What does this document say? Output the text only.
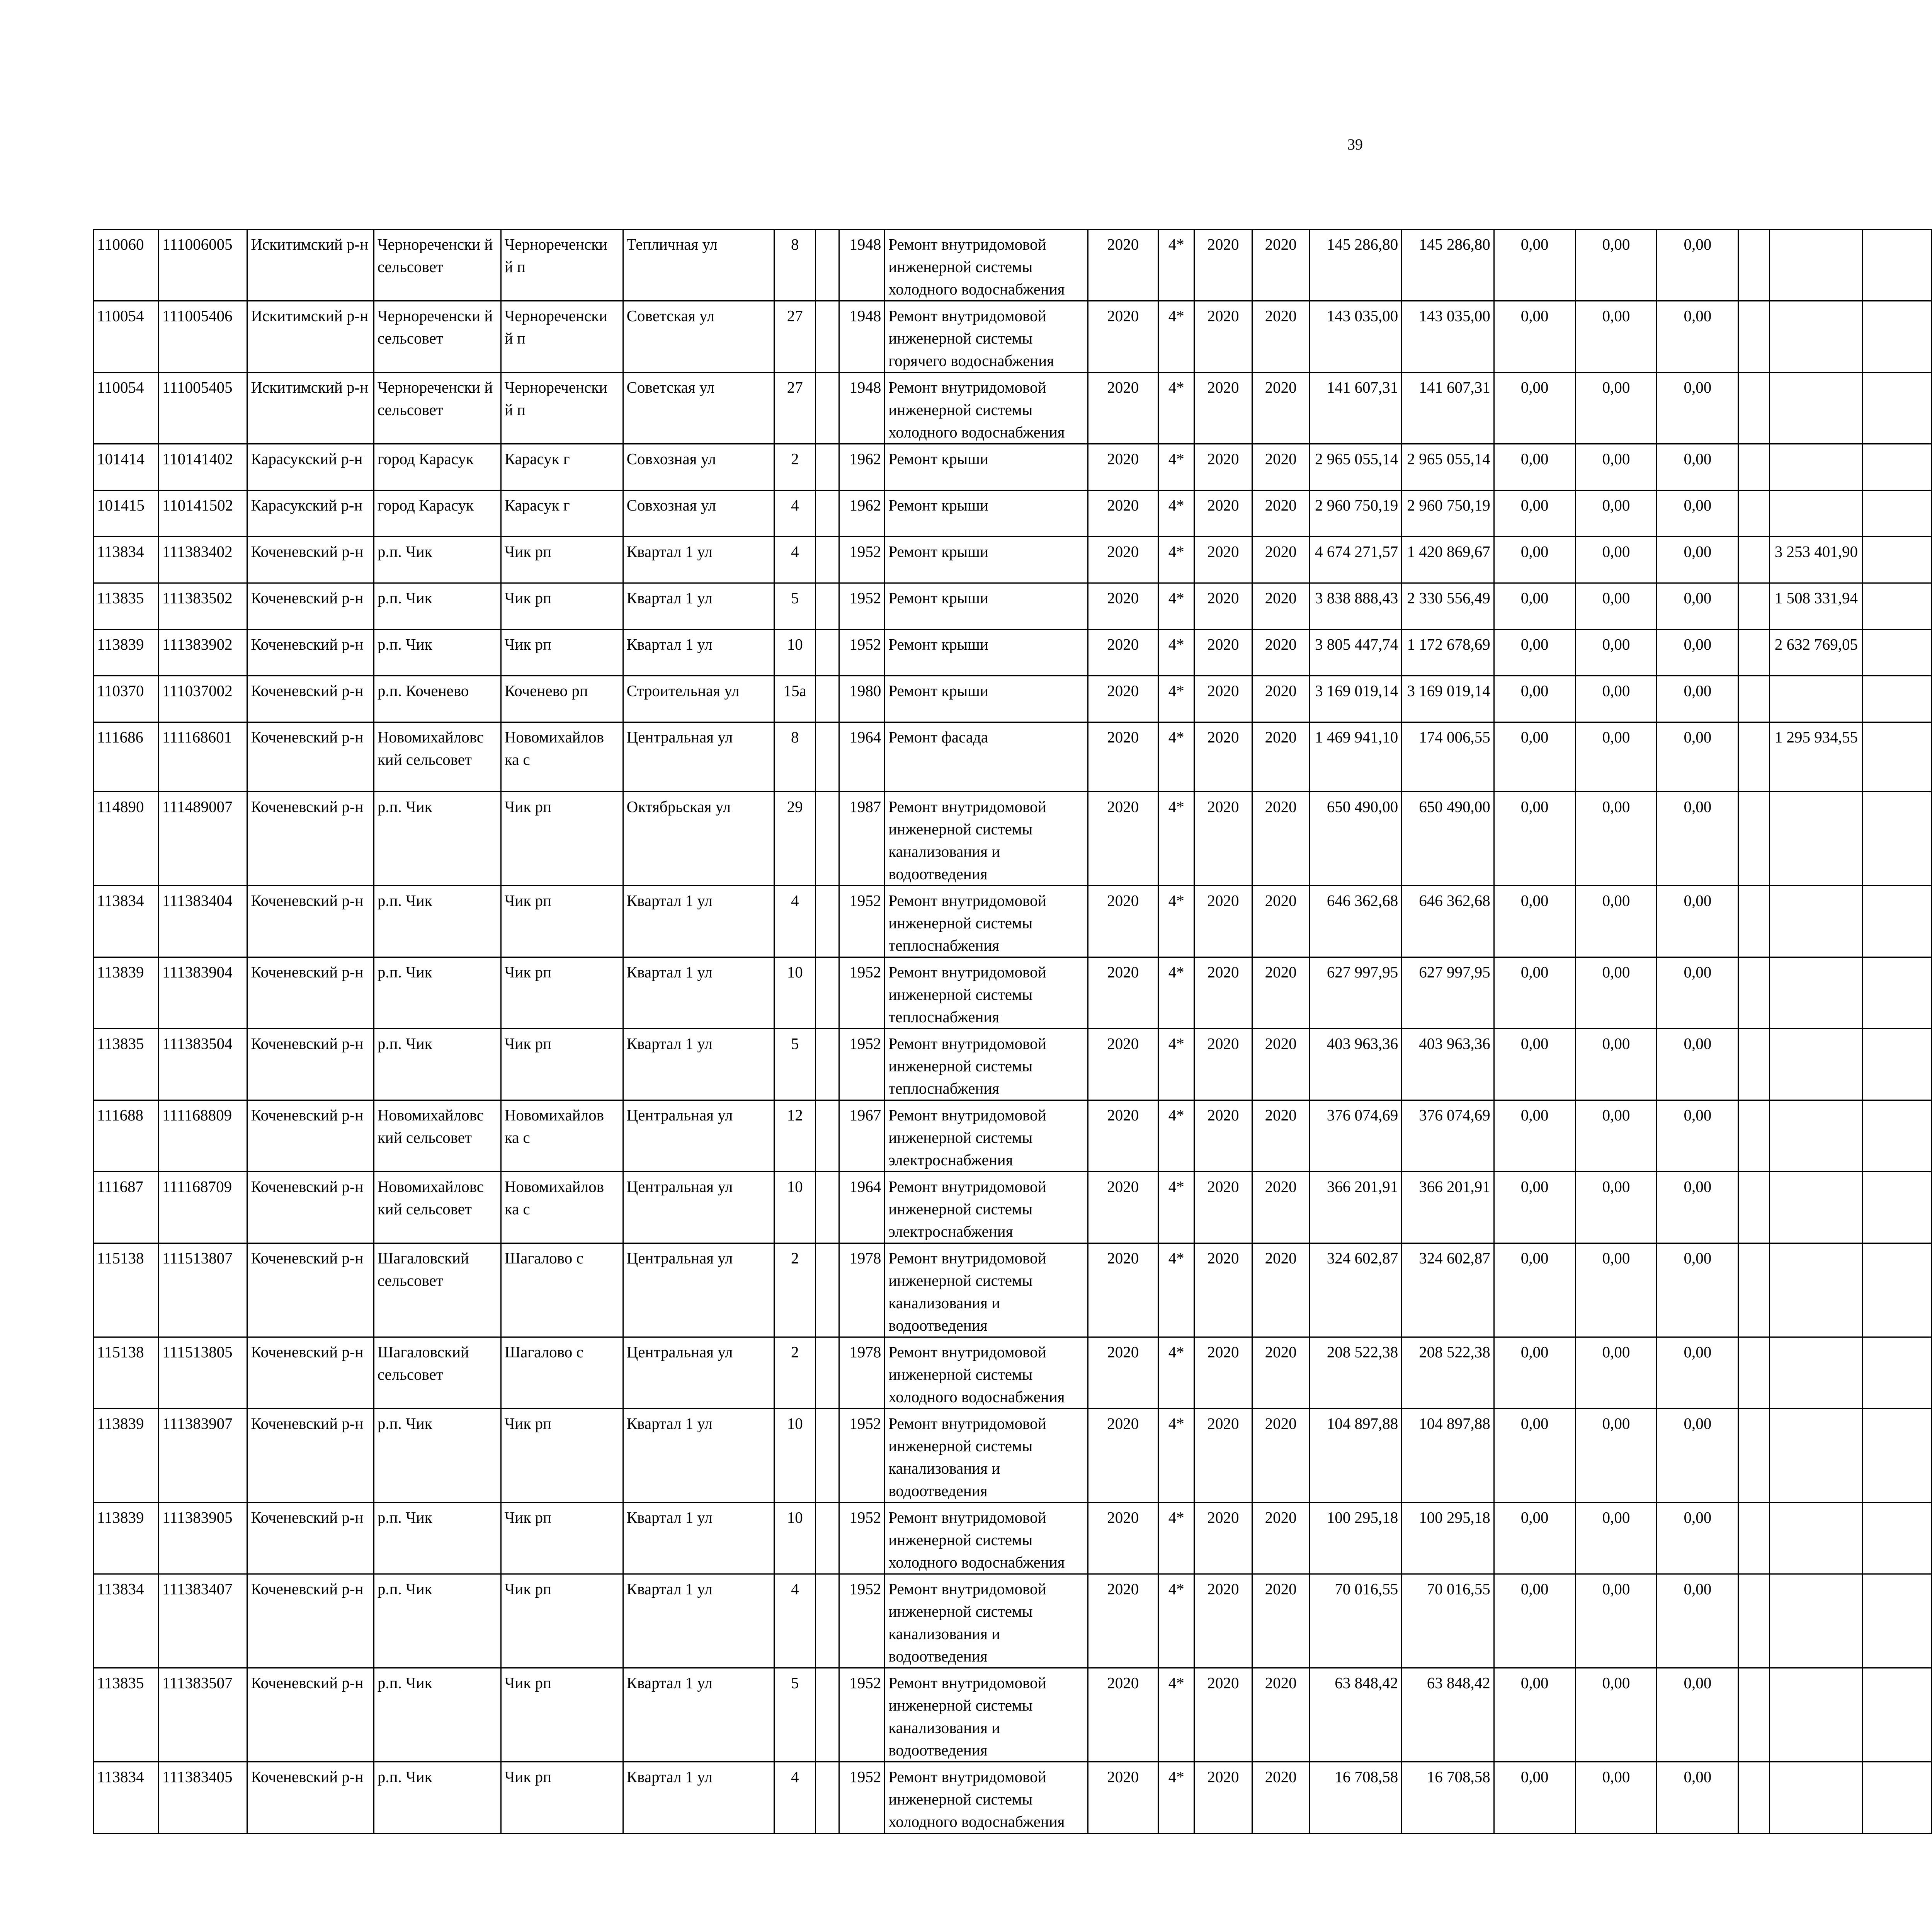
39
110060	111006005	Искитимский р-н	Чернореченски й сельсовет	Чернореченски й п	Тепличная ул	8		1948	Ремонт внутридомовой инженерной системы холодного водоснабжения	2020	4*	2020	2020	145 286,80	145 286,80	0,00	0,00	0,00			
110054	111005406	Искитимский р-н	Чернореченски й сельсовет	Чернореченски й п	Советская ул	27		1948	Ремонт внутридомовой инженерной системы горячего водоснабжения	2020	4*	2020	2020	143 035,00	143 035,00	0,00	0,00	0,00			
110054	111005405	Искитимский р-н	Чернореченски й сельсовет	Чернореченски й п	Советская ул	27		1948	Ремонт внутридомовой инженерной системы холодного водоснабжения	2020	4*	2020	2020	141 607,31	141 607,31	0,00	0,00	0,00			
101414	110141402	Карасукский р-н	город Карасук	Карасук г	Совхозная ул	2		1962	Ремонт крыши	2020	4*	2020	2020	2 965 055,14	2 965 055,14	0,00	0,00	0,00			
101415	110141502	Карасукский р-н	город Карасук	Карасук г	Совхозная ул	4		1962	Ремонт крыши	2020	4*	2020	2020	2 960 750,19	2 960 750,19	0,00	0,00	0,00			
113834	111383402	Коченевский р-н	р.п. Чик	Чик рп	Квартал 1 ул	4		1952	Ремонт крыши	2020	4*	2020	2020	4 674 271,57	1 420 869,67	0,00	0,00	0,00		3 253 401,90	
113835	111383502	Коченевский р-н	р.п. Чик	Чик рп	Квартал 1 ул	5		1952	Ремонт крыши	2020	4*	2020	2020	3 838 888,43	2 330 556,49	0,00	0,00	0,00		1 508 331,94	
113839	111383902	Коченевский р-н	р.п. Чик	Чик рп	Квартал 1 ул	10		1952	Ремонт крыши	2020	4*	2020	2020	3 805 447,74	1 172 678,69	0,00	0,00	0,00		2 632 769,05	
110370	111037002	Коченевский р-н	р.п. Коченево	Коченево рп	Строительная ул	15а		1980	Ремонт крыши	2020	4*	2020	2020	3 169 019,14	3 169 019,14	0,00	0,00	0,00			
111686	111168601	Коченевский р-н	Новомихайловс кий сельсовет	Новомихайлов ка с	Центральная ул	8		1964	Ремонт фасада	2020	4*	2020	2020	1 469 941,10	174 006,55	0,00	0,00	0,00		1 295 934,55	
114890	111489007	Коченевский р-н	р.п. Чик	Чик рп	Октябрьская ул	29		1987	Ремонт внутридомовой инженерной системы канализования и водоотведения	2020	4*	2020	2020	650 490,00	650 490,00	0,00	0,00	0,00			
113834	111383404	Коченевский р-н	р.п. Чик	Чик рп	Квартал 1 ул	4		1952	Ремонт внутридомовой инженерной системы теплоснабжения	2020	4*	2020	2020	646 362,68	646 362,68	0,00	0,00	0,00			
113839	111383904	Коченевский р-н	р.п. Чик	Чик рп	Квартал 1 ул	10		1952	Ремонт внутридомовой инженерной системы теплоснабжения	2020	4*	2020	2020	627 997,95	627 997,95	0,00	0,00	0,00			
113835	111383504	Коченевский р-н	р.п. Чик	Чик рп	Квартал 1 ул	5		1952	Ремонт внутридомовой инженерной системы теплоснабжения	2020	4*	2020	2020	403 963,36	403 963,36	0,00	0,00	0,00			
111688	111168809	Коченевский р-н	Новомихайловс кий сельсовет	Новомихайлов ка с	Центральная ул	12		1967	Ремонт внутридомовой инженерной системы электроснабжения	2020	4*	2020	2020	376 074,69	376 074,69	0,00	0,00	0,00			
111687	111168709	Коченевский р-н	Новомихайловс кий сельсовет	Новомихайлов ка с	Центральная ул	10		1964	Ремонт внутридомовой инженерной системы электроснабжения	2020	4*	2020	2020	366 201,91	366 201,91	0,00	0,00	0,00			
115138	111513807	Коченевский р-н	Шагаловский сельсовет	Шагалово с	Центральная ул	2		1978	Ремонт внутридомовой инженерной системы канализования и водоотведения	2020	4*	2020	2020	324 602,87	324 602,87	0,00	0,00	0,00			
115138	111513805	Коченевский р-н	Шагаловский сельсовет	Шагалово с	Центральная ул	2		1978	Ремонт внутридомовой инженерной системы холодного водоснабжения	2020	4*	2020	2020	208 522,38	208 522,38	0,00	0,00	0,00			
113839	111383907	Коченевский р-н	р.п. Чик	Чик рп	Квартал 1 ул	10		1952	Ремонт внутридомовой инженерной системы канализования и водоотведения	2020	4*	2020	2020	104 897,88	104 897,88	0,00	0,00	0,00			
113839	111383905	Коченевский р-н	р.п. Чик	Чик рп	Квартал 1 ул	10		1952	Ремонт внутридомовой инженерной системы холодного водоснабжения	2020	4*	2020	2020	100 295,18	100 295,18	0,00	0,00	0,00			
113834	111383407	Коченевский р-н	р.п. Чик	Чик рп	Квартал 1 ул	4		1952	Ремонт внутридомовой инженерной системы канализования и водоотведения	2020	4*	2020	2020	70 016,55	70 016,55	0,00	0,00	0,00			
113835	111383507	Коченевский р-н	р.п. Чик	Чик рп	Квартал 1 ул	5		1952	Ремонт внутридомовой инженерной системы канализования и водоотведения	2020	4*	2020	2020	63 848,42	63 848,42	0,00	0,00	0,00			
113834	111383405	Коченевский р-н	р.п. Чик	Чик рп	Квартал 1 ул	4		1952	Ремонт внутридомовой инженерной системы холодного водоснабжения	2020	4*	2020	2020	16 708,58	16 708,58	0,00	0,00	0,00			
